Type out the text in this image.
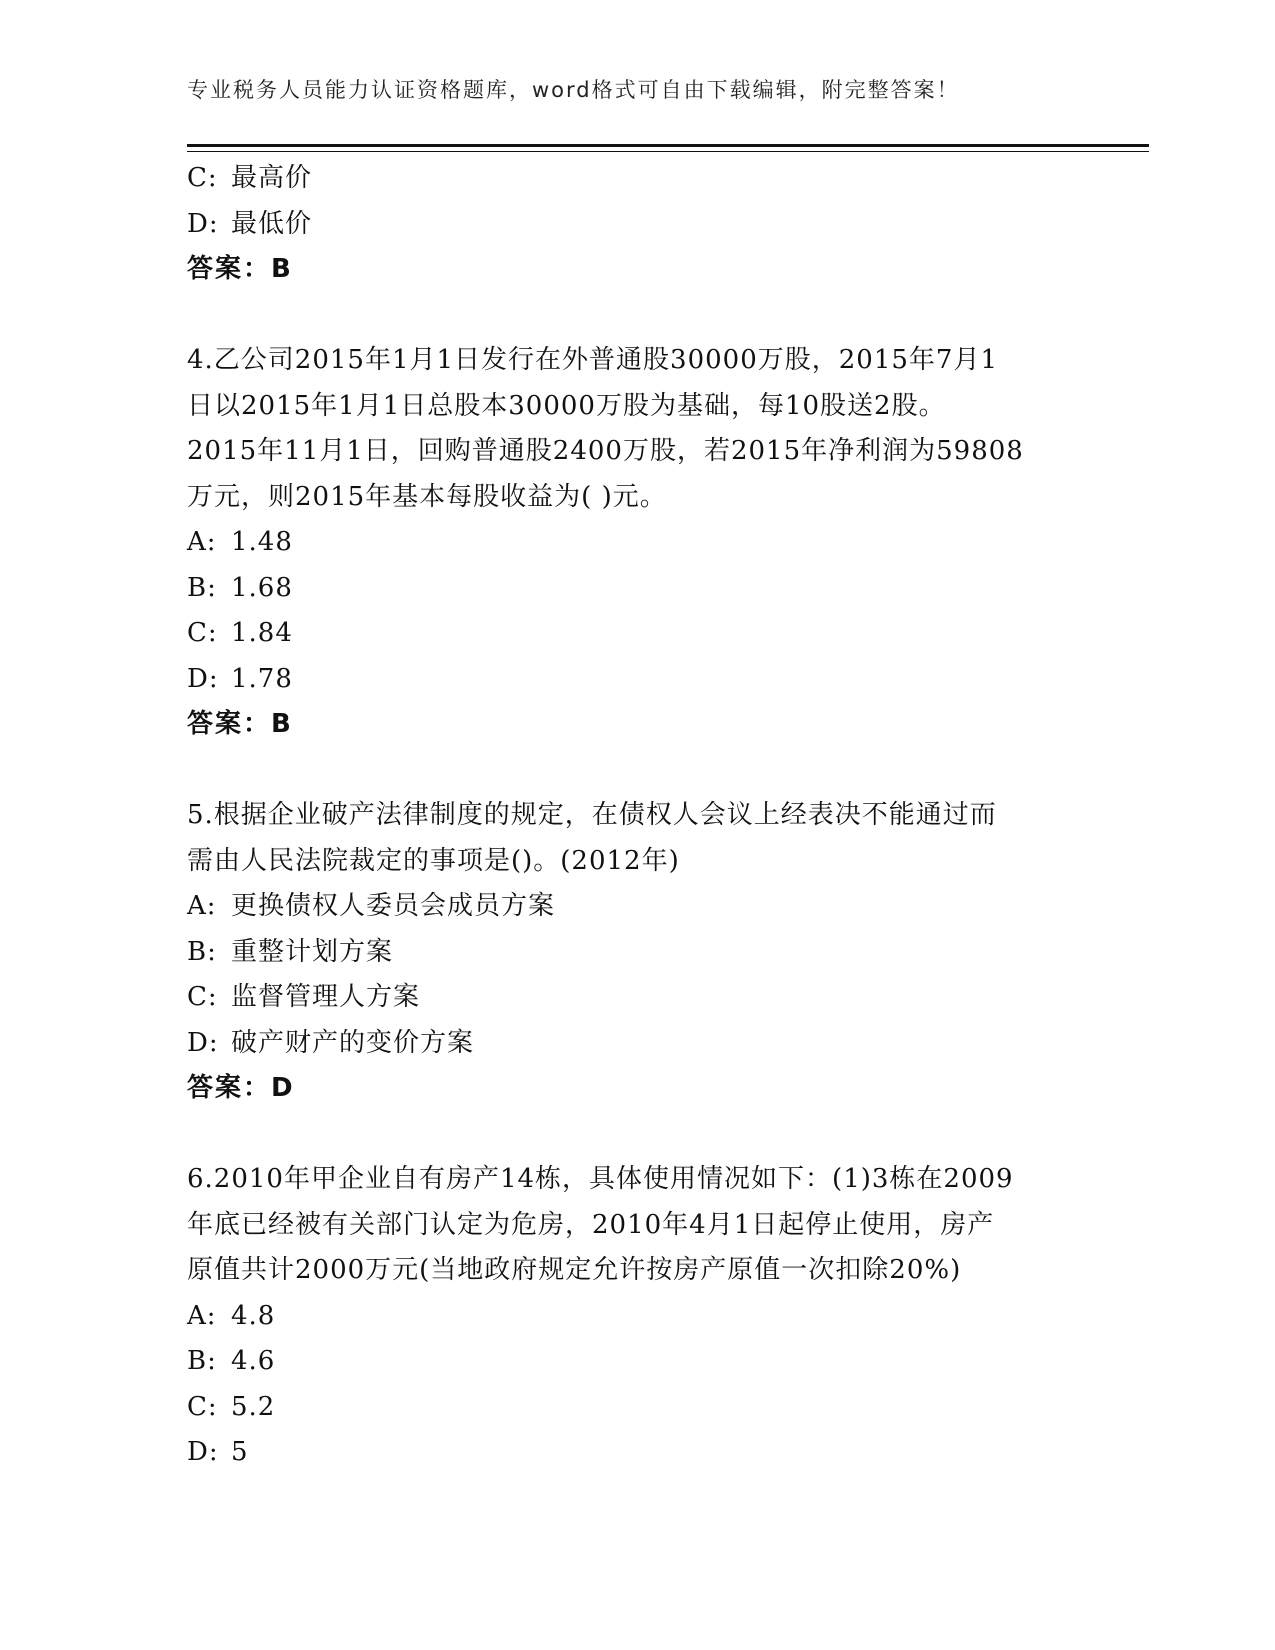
专业税务人员能力认证资格题库，word格式可自由下载编辑，附完整答案！

C: 最高价

D: 最低价

答案：B

4.乙公司2015年1月1日发行在外普通股30000万股，2015年7月1

日以2015年1月1日总股本30000万股为基础，每10股送2股。

2015年11月1日，回购普通股2400万股，若2015年净利润为59808

万元，则2015年基本每股收益为( )元。

A: 1.48

B: 1.68

C: 1.84

D: 1.78

答案：B

5.根据企业破产法律制度的规定，在债权人会议上经表决不能通过而

需由人民法院裁定的事项是()。(2012年)

A: 更换债权人委员会成员方案

B: 重整计划方案

C: 监督管理人方案

D: 破产财产的变价方案

答案：D

6.2010年甲企业自有房产14栋，具体使用情况如下：(1)3栋在2009

年底已经被有关部门认定为危房，2010年4月1日起停止使用，房产

原值共计2000万元(当地政府规定允许按房产原值一次扣除20%)

A: 4.8

B: 4.6

C: 5.2

D: 5
